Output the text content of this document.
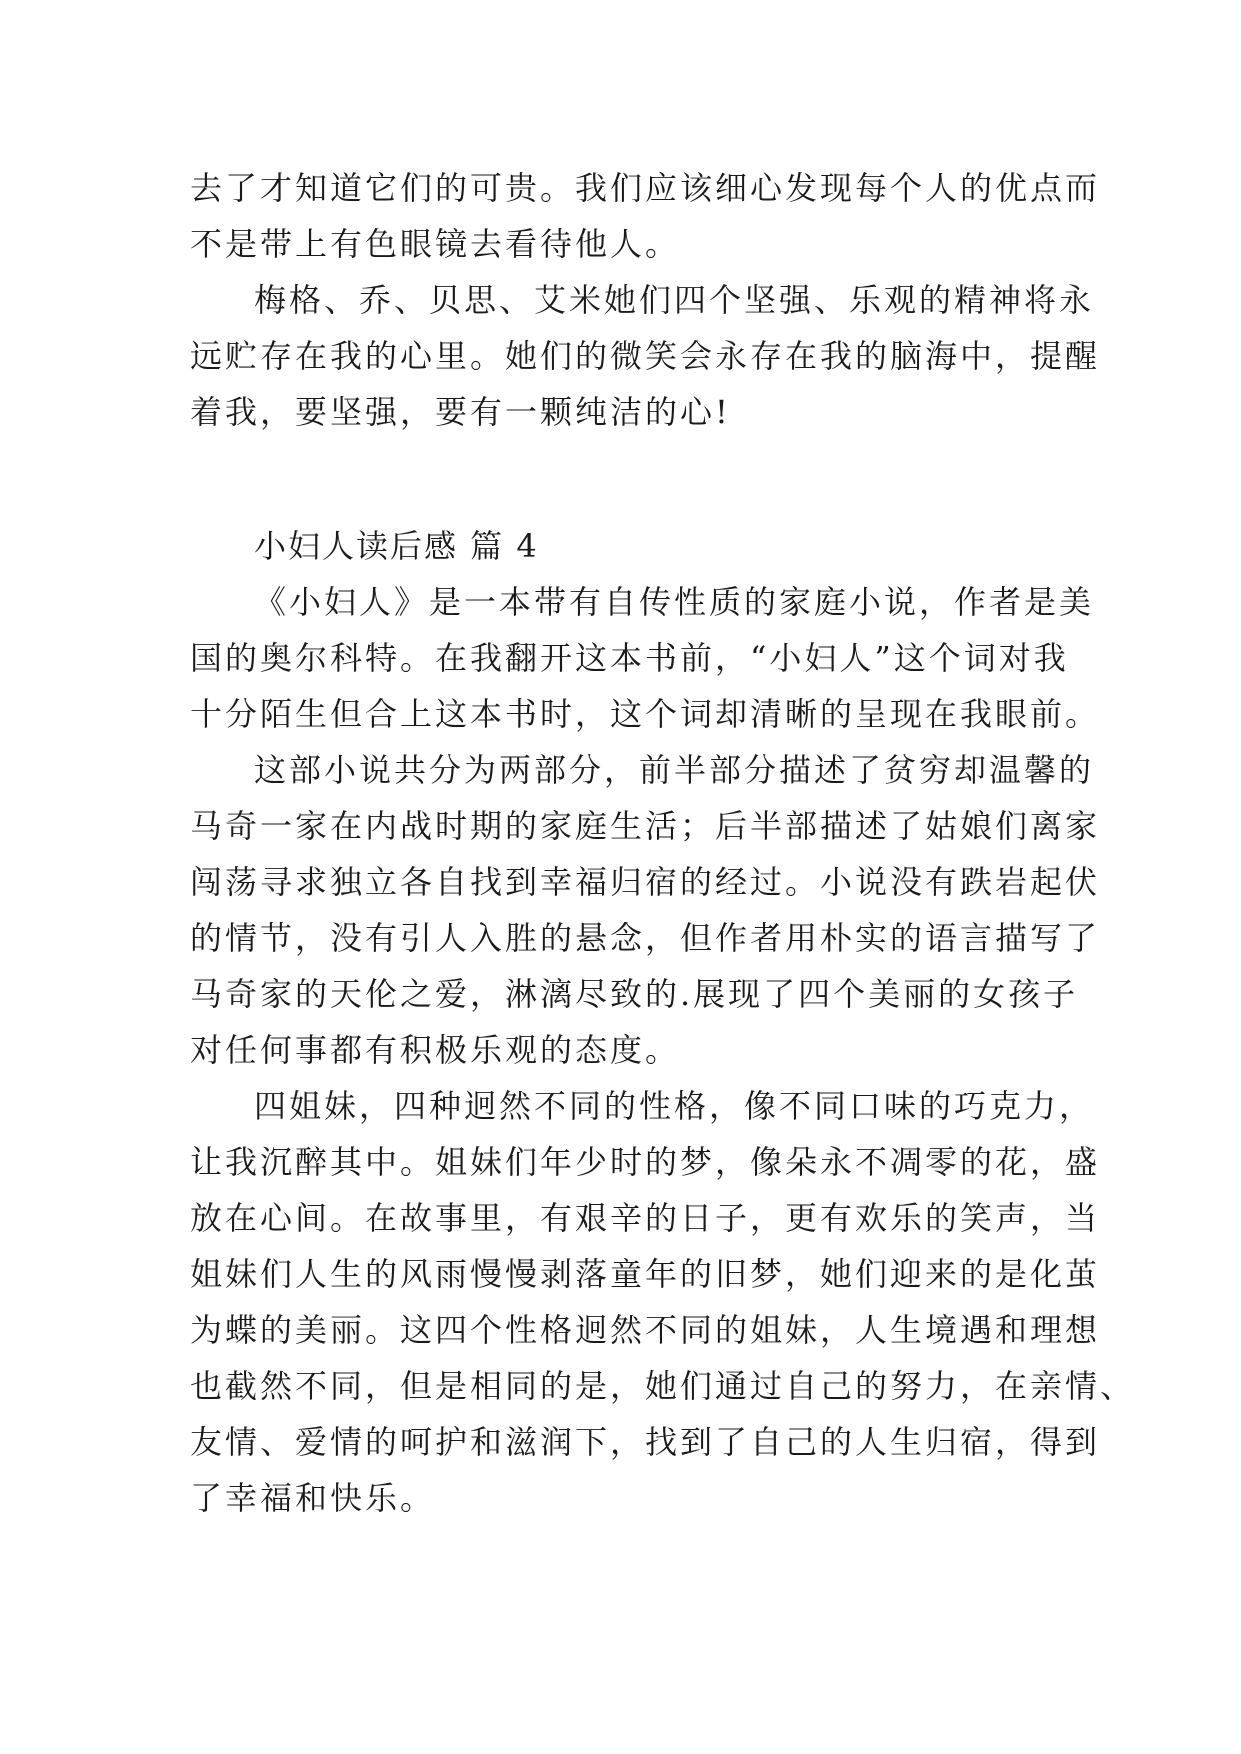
去了才知道它们的可贵。我们应该细心发现每个人的优点而
不是带上有色眼镜去看待他人。
梅格、乔、贝思、艾米她们四个坚强、乐观的精神将永
远贮存在我的心里。她们的微笑会永存在我的脑海中，提醒
着我，要坚强，要有一颗纯洁的心!
小妇人读后感 篇 4
《小妇人》是一本带有自传性质的家庭小说，作者是美
国的奥尔科特。在我翻开这本书前，“小妇人”这个词对我
十分陌生但合上这本书时，这个词却清晰的呈现在我眼前。
这部小说共分为两部分，前半部分描述了贫穷却温馨的
马奇一家在内战时期的家庭生活；后半部描述了姑娘们离家
闯荡寻求独立各自找到幸福归宿的经过。小说没有跌岩起伏
的情节，没有引人入胜的悬念，但作者用朴实的语言描写了
马奇家的天伦之爱，淋漓尽致的.展现了四个美丽的女孩子
对任何事都有积极乐观的态度。
四姐妹，四种迥然不同的性格，像不同口味的巧克力，
让我沉醉其中。姐妹们年少时的梦，像朵永不凋零的花，盛
放在心间。在故事里，有艰辛的日子，更有欢乐的笑声，当
姐妹们人生的风雨慢慢剥落童年的旧梦，她们迎来的是化茧
为蝶的美丽。这四个性格迥然不同的姐妹，人生境遇和理想
也截然不同，但是相同的是，她们通过自己的努力，在亲情、
友情、爱情的呵护和滋润下，找到了自己的人生归宿，得到
了幸福和快乐。
